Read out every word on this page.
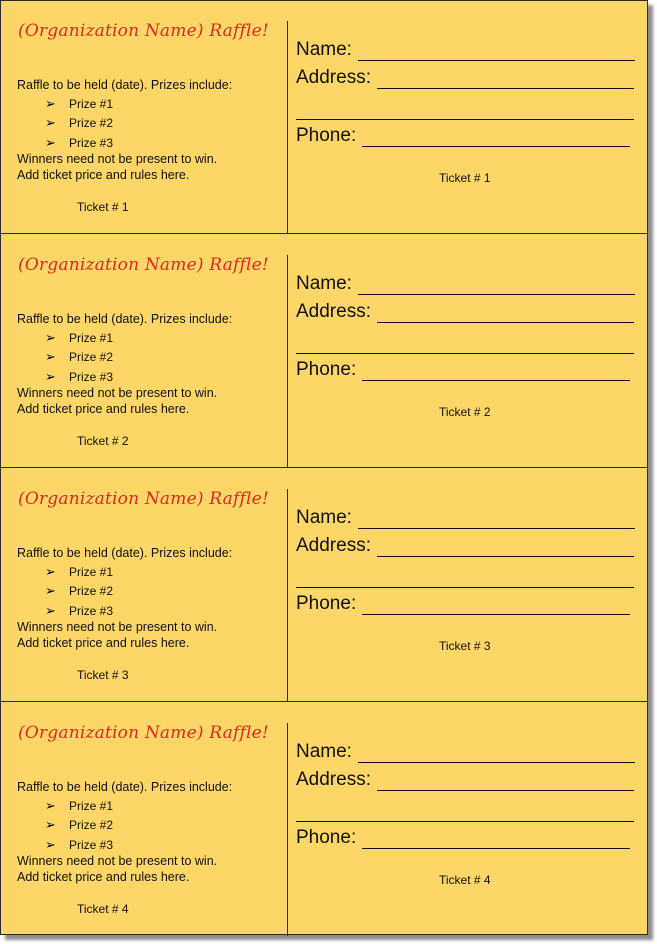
(Organization Name) Raffle!
Raffle to be held (date). Prizes include:
➢	Prize #1
➢	Prize #2
➢	Prize #3
Winners need not be present to win.
Add ticket price and rules here.
Ticket # 1
Name:
Address:
Phone:
Ticket # 1
(Organization Name) Raffle!
Raffle to be held (date). Prizes include:
➢	Prize #1
➢	Prize #2
➢	Prize #3
Winners need not be present to win.
Add ticket price and rules here.
Ticket # 2
Name:
Address:
Phone:
Ticket # 2
(Organization Name) Raffle!
Raffle to be held (date). Prizes include:
➢	Prize #1
➢	Prize #2
➢	Prize #3
Winners need not be present to win.
Add ticket price and rules here.
Ticket # 3
Name:
Address:
Phone:
Ticket # 3
(Organization Name) Raffle!
Raffle to be held (date). Prizes include:
➢	Prize #1
➢	Prize #2
➢	Prize #3
Winners need not be present to win.
Add ticket price and rules here.
Ticket # 4
Name:
Address:
Phone:
Ticket # 4
